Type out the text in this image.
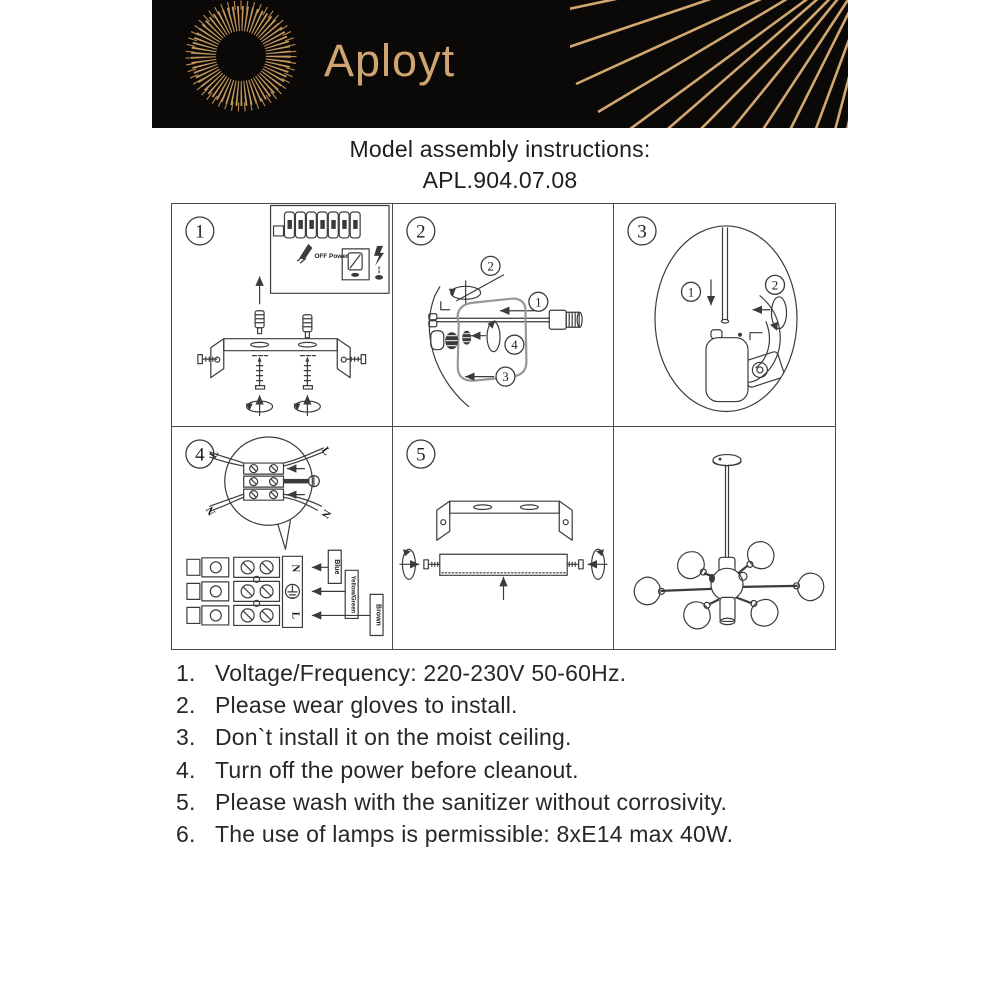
Aployt
Model assembly instructions:
APL.904.07.08
1
OFF Power
2
2
1
4
3
3
1	2
4 L	L
N	N
N
L
Blue
Yellow/Green
Brown
5
1. Voltage/Frequency: 220-230V 50-60Hz.
2. Please wear gloves to install.
3. Don`t install it on the moist ceiling.
4. Turn off the power before cleanout.
5. Please wash with the sanitizer without corrosivity.
6. The use of lamps is permissible: 8xE14 max 40W.
